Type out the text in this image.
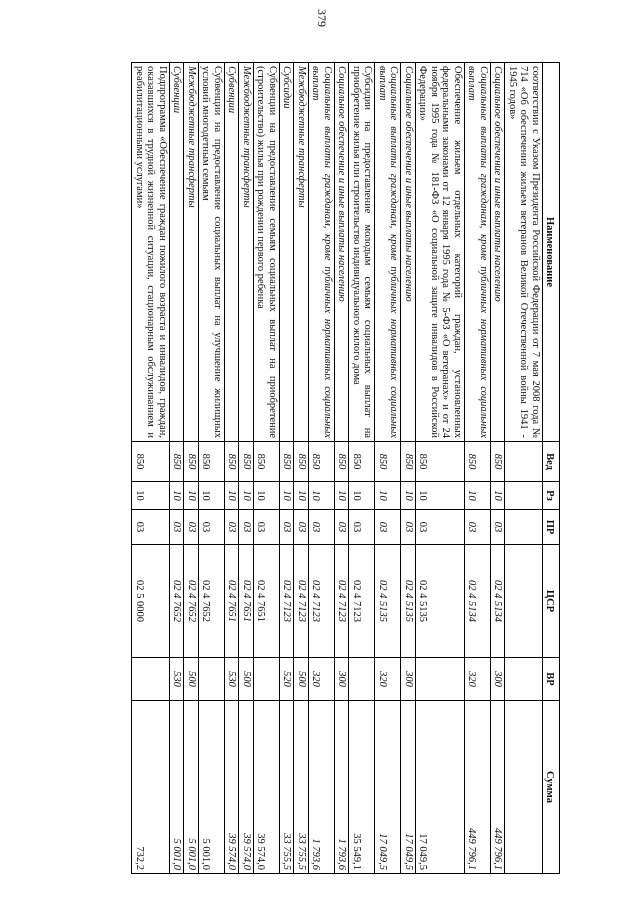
379
Наименование	Вед	Рз	ПР	ЦСР	ВР	Сумма
соответствии с Указом Президента Российской Федерации от 7 мая 2008 года № 714 «Об обеспечении жильем ветеранов Великой Отечественной войны 1941 - 1945 годов»						
Социальное обеспечение и иные выплаты населению	850	10	03	02 4 5134	300	449 796,1
Социальные выплаты гражданам, кроме публичных нормативных социальных выплат	850	10	03	02 4 5134	320	449 796,1
Обеспечение жильем отдельных категорий граждан, установленных федеральными законами от 12 января 1995 года № 5-ФЗ «О ветеранах» и от 24 ноября 1995 года № 181-ФЗ «О социальной защите инвалидов в Российской Федерации»	850	10	03	02 4 5135		17 049,5
Социальное обеспечение и иные выплаты населению	850	10	03	02 4 5135	300	17 049,5
Социальные выплаты гражданам, кроме публичных нормативных социальных выплат	850	10	03	02 4 5135	320	17 049,5
Субсидии на предоставление молодым семьям социальных выплат на приобретение жилья или строительство индивидуального жилого дома	850	10	03	02 4 7123		35 549,1
Социальное обеспечение и иные выплаты населению	850	10	03	02 4 7123	300	1 793,6
Социальные выплаты гражданам, кроме публичных нормативных социальных выплат	850	10	03	02 4 7123	320	1 793,6
Межбюджетные трансферты	850	10	03	02 4 7123	500	33 755,5
Субсидии	850	10	03	02 4 7123	520	33 755,5
Субвенции на предоставление семьям социальных выплат на приобретение (строительство) жилья при рождении первого ребенка	850	10	03	02 4 7651		39 574,0
Межбюджетные трансферты	850	10	03	02 4 7651	500	39 574,0
Субвенции	850	10	03	02 4 7651	530	39 574,0
Субвенции на предоставление социальных выплат на улучшение жилищных условий многодетным семьям	850	10	03	02 4 7652		5 001,0
Межбюджетные трансферты	850	10	03	02 4 7652	500	5 001,0
Субвенции	850	10	03	02 4 7652	530	5 001,0
Подпрограмма «Обеспечение граждан пожилого возраста и инвалидов, граждан, оказавшихся в трудной жизненной ситуации, стационарным обслуживанием и реабилитационными услугами»	850	10	03	02 5 0000		732,2
